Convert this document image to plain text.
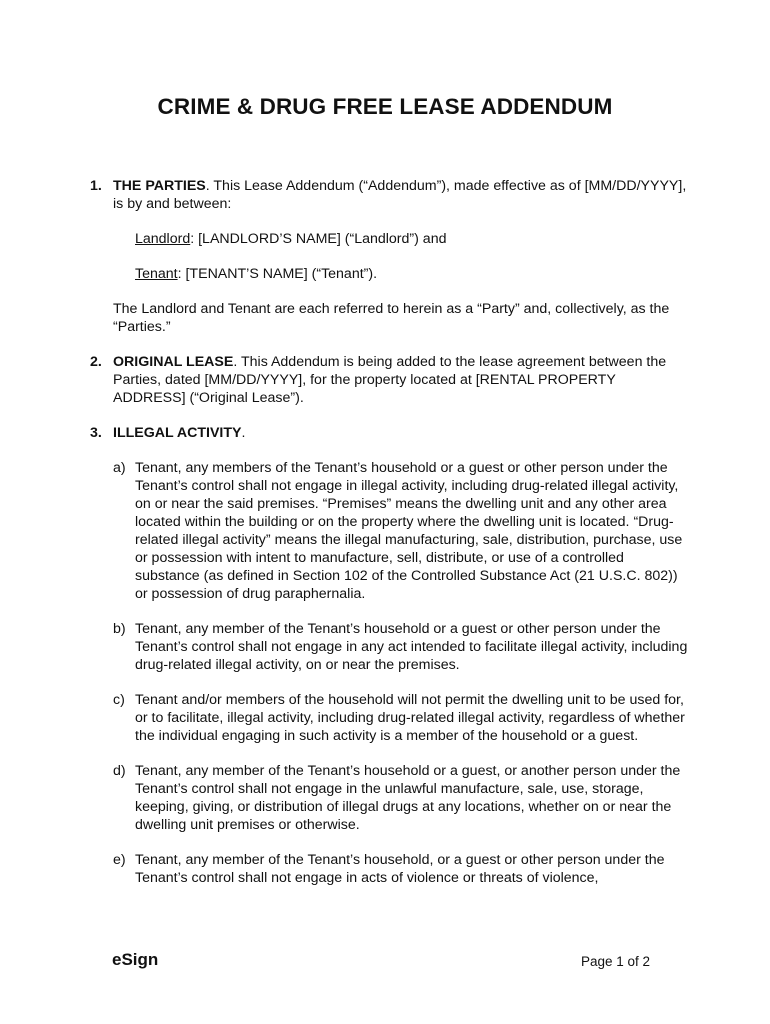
CRIME & DRUG FREE LEASE ADDENDUM
1. THE PARTIES. This Lease Addendum (“Addendum”), made effective as of [MM/DD/YYYY], is by and between:

Landlord: [LANDLORD’S NAME] (“Landlord”) and

Tenant: [TENANT’S NAME] (“Tenant”).

The Landlord and Tenant are each referred to herein as a “Party” and, collectively, as the “Parties.”

2. ORIGINAL LEASE. This Addendum is being added to the lease agreement between the Parties, dated [MM/DD/YYYY], for the property located at [RENTAL PROPERTY ADDRESS] (“Original Lease”).

3. ILLEGAL ACTIVITY.

a) Tenant, any members of the Tenant’s household or a guest or other person under the Tenant’s control shall not engage in illegal activity, including drug-related illegal activity, on or near the said premises. “Premises” means the dwelling unit and any other area located within the building or on the property where the dwelling unit is located. “Drug-related illegal activity” means the illegal manufacturing, sale, distribution, purchase, use or possession with intent to manufacture, sell, distribute, or use of a controlled substance (as defined in Section 102 of the Controlled Substance Act (21 U.S.C. 802)) or possession of drug paraphernalia.

b) Tenant, any member of the Tenant’s household or a guest or other person under the Tenant’s control shall not engage in any act intended to facilitate illegal activity, including drug-related illegal activity, on or near the premises.

c) Tenant and/or members of the household will not permit the dwelling unit to be used for, or to facilitate, illegal activity, including drug-related illegal activity, regardless of whether the individual engaging in such activity is a member of the household or a guest.

d) Tenant, any member of the Tenant’s household or a guest, or another person under the Tenant’s control shall not engage in the unlawful manufacture, sale, use, storage, keeping, giving, or distribution of illegal drugs at any locations, whether on or near the dwelling unit premises or otherwise.

e) Tenant, any member of the Tenant’s household, or a guest or other person under the Tenant’s control shall not engage in acts of violence or threats of violence,

eSign	Page 1 of 2
